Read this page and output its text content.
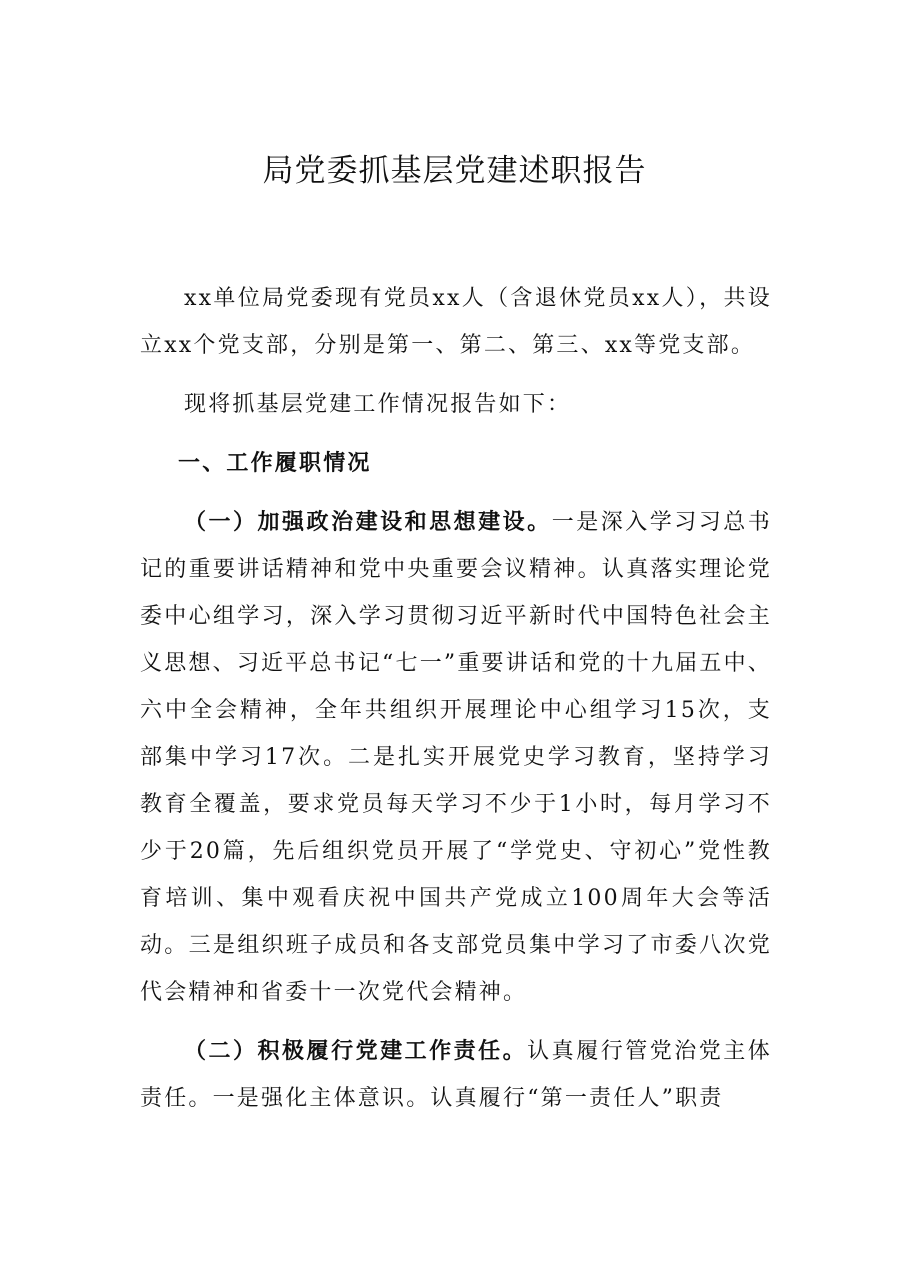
局党委抓基层党建述职报告

xx单位局党委现有党员xx人（含退休党员xx人），共设立xx个党支部，分别是第一、第二、第三、xx等党支部。

现将抓基层党建工作情况报告如下：

一、工作履职情况

（一）加强政治建设和思想建设。一是深入学习习总书记的重要讲话精神和党中央重要会议精神。认真落实理论党委中心组学习，深入学习贯彻习近平新时代中国特色社会主义思想、习近平总书记“七一”重要讲话和党的十九届五中、六中全会精神，全年共组织开展理论中心组学习15次，支部集中学习17次。二是扎实开展党史学习教育，坚持学习教育全覆盖，要求党员每天学习不少于1小时，每月学习不少于20篇，先后组织党员开展了“学党史、守初心”党性教育培训、集中观看庆祝中国共产党成立100周年大会等活动。三是组织班子成员和各支部党员集中学习了市委八次党代会精神和省委十一次党代会精神。

（二）积极履行党建工作责任。认真履行管党治党主体责任。一是强化主体意识。认真履行“第一责任人”职责
